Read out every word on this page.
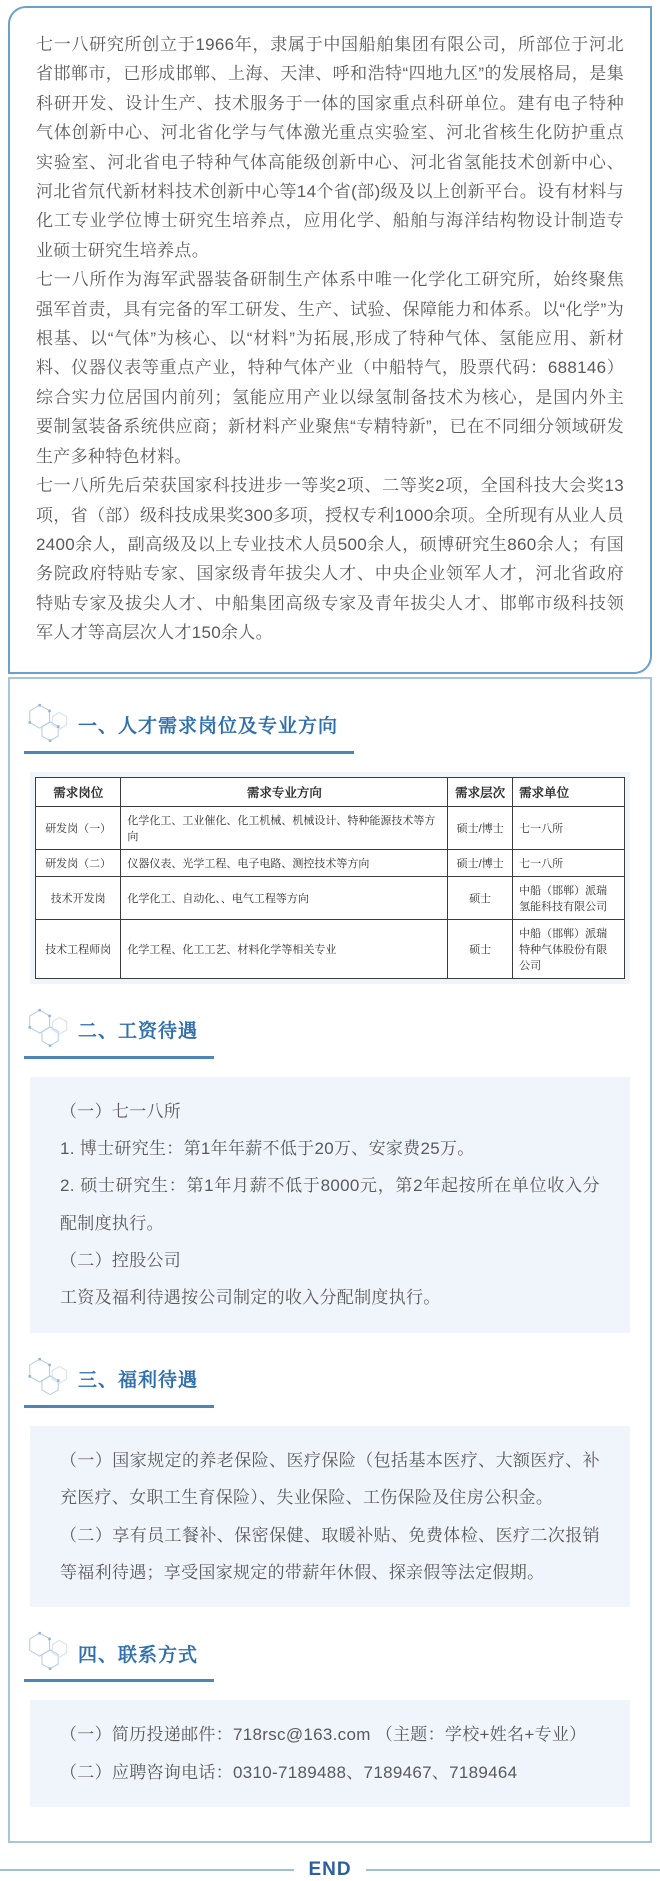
七一八研究所创立于1966年，隶属于中国船舶集团有限公司，所部位于河北省邯郸市，已形成邯郸、上海、天津、呼和浩特“四地九区”的发展格局，是集科研开发、设计生产、技术服务于一体的国家重点科研单位。建有电子特种气体创新中心、河北省化学与气体激光重点实验室、河北省核生化防护重点实验室、河北省电子特种气体高能级创新中心、河北省氢能技术创新中心、河北省氘代新材料技术创新中心等14个省(部)级及以上创新平台。设有材料与化工专业学位博士研究生培养点，应用化学、船舶与海洋结构物设计制造专业硕士研究生培养点。

七一八所作为海军武器装备研制生产体系中唯一化学化工研究所，始终聚焦强军首责，具有完备的军工研发、生产、试验、保障能力和体系。以“化学”为根基、以“气体”为核心、以“材料”为拓展,形成了特种气体、氢能应用、新材料、仪器仪表等重点产业，特种气体产业（中船特气，股票代码：688146）综合实力位居国内前列；氢能应用产业以绿氢制备技术为核心，是国内外主要制氢装备系统供应商；新材料产业聚焦“专精特新”，已在不同细分领域研发生产多种特色材料。

七一八所先后荣获国家科技进步一等奖2项、二等奖2项，全国科技大会奖13项，省（部）级科技成果奖300多项，授权专利1000余项。全所现有从业人员2400余人，副高级及以上专业技术人员500余人，硕博研究生860余人；有国务院政府特贴专家、国家级青年拔尖人才、中央企业领军人才，河北省政府特贴专家及拔尖人才、中船集团高级专家及青年拔尖人才、邯郸市级科技领军人才等高层次人才150余人。

一、人才需求岗位及专业方向
需求岗位	需求专业方向	需求层次	需求单位
研发岗（一）	化学化工、工业催化、化工机械、机械设计、特种能源技术等方向	硕士/博士	七一八所
研发岗（二）	仪器仪表、光学工程、电子电路、测控技术等方向	硕士/博士	七一八所
技术开发岗	化学化工、自动化、、电气工程等方向	硕士	中船（邯郸）派瑞氢能科技有限公司
技术工程师岗	化学工程、化工工艺、材料化学等相关专业	硕士	中船（邯郸）派瑞特种气体股份有限公司
二、工资待遇

（一）七一八所

1. 博士研究生：第1年年薪不低于20万、安家费25万。

2. 硕士研究生：第1年月薪不低于8000元，第2年起按所在单位收入分配制度执行。

（二）控股公司

工资及福利待遇按公司制定的收入分配制度执行。

三、福利待遇

（一）国家规定的养老保险、医疗保险（包括基本医疗、大额医疗、补充医疗、女职工生育保险）、失业保险、工伤保险及住房公积金。

（二）享有员工餐补、保密保健、取暖补贴、免费体检、医疗二次报销等福利待遇；享受国家规定的带薪年休假、探亲假等法定假期。

四、联系方式

（一）简历投递邮件：718rsc@163.com （主题：学校+姓名+专业）

（二）应聘咨询电话：0310-7189488、7189467、7189464

END
